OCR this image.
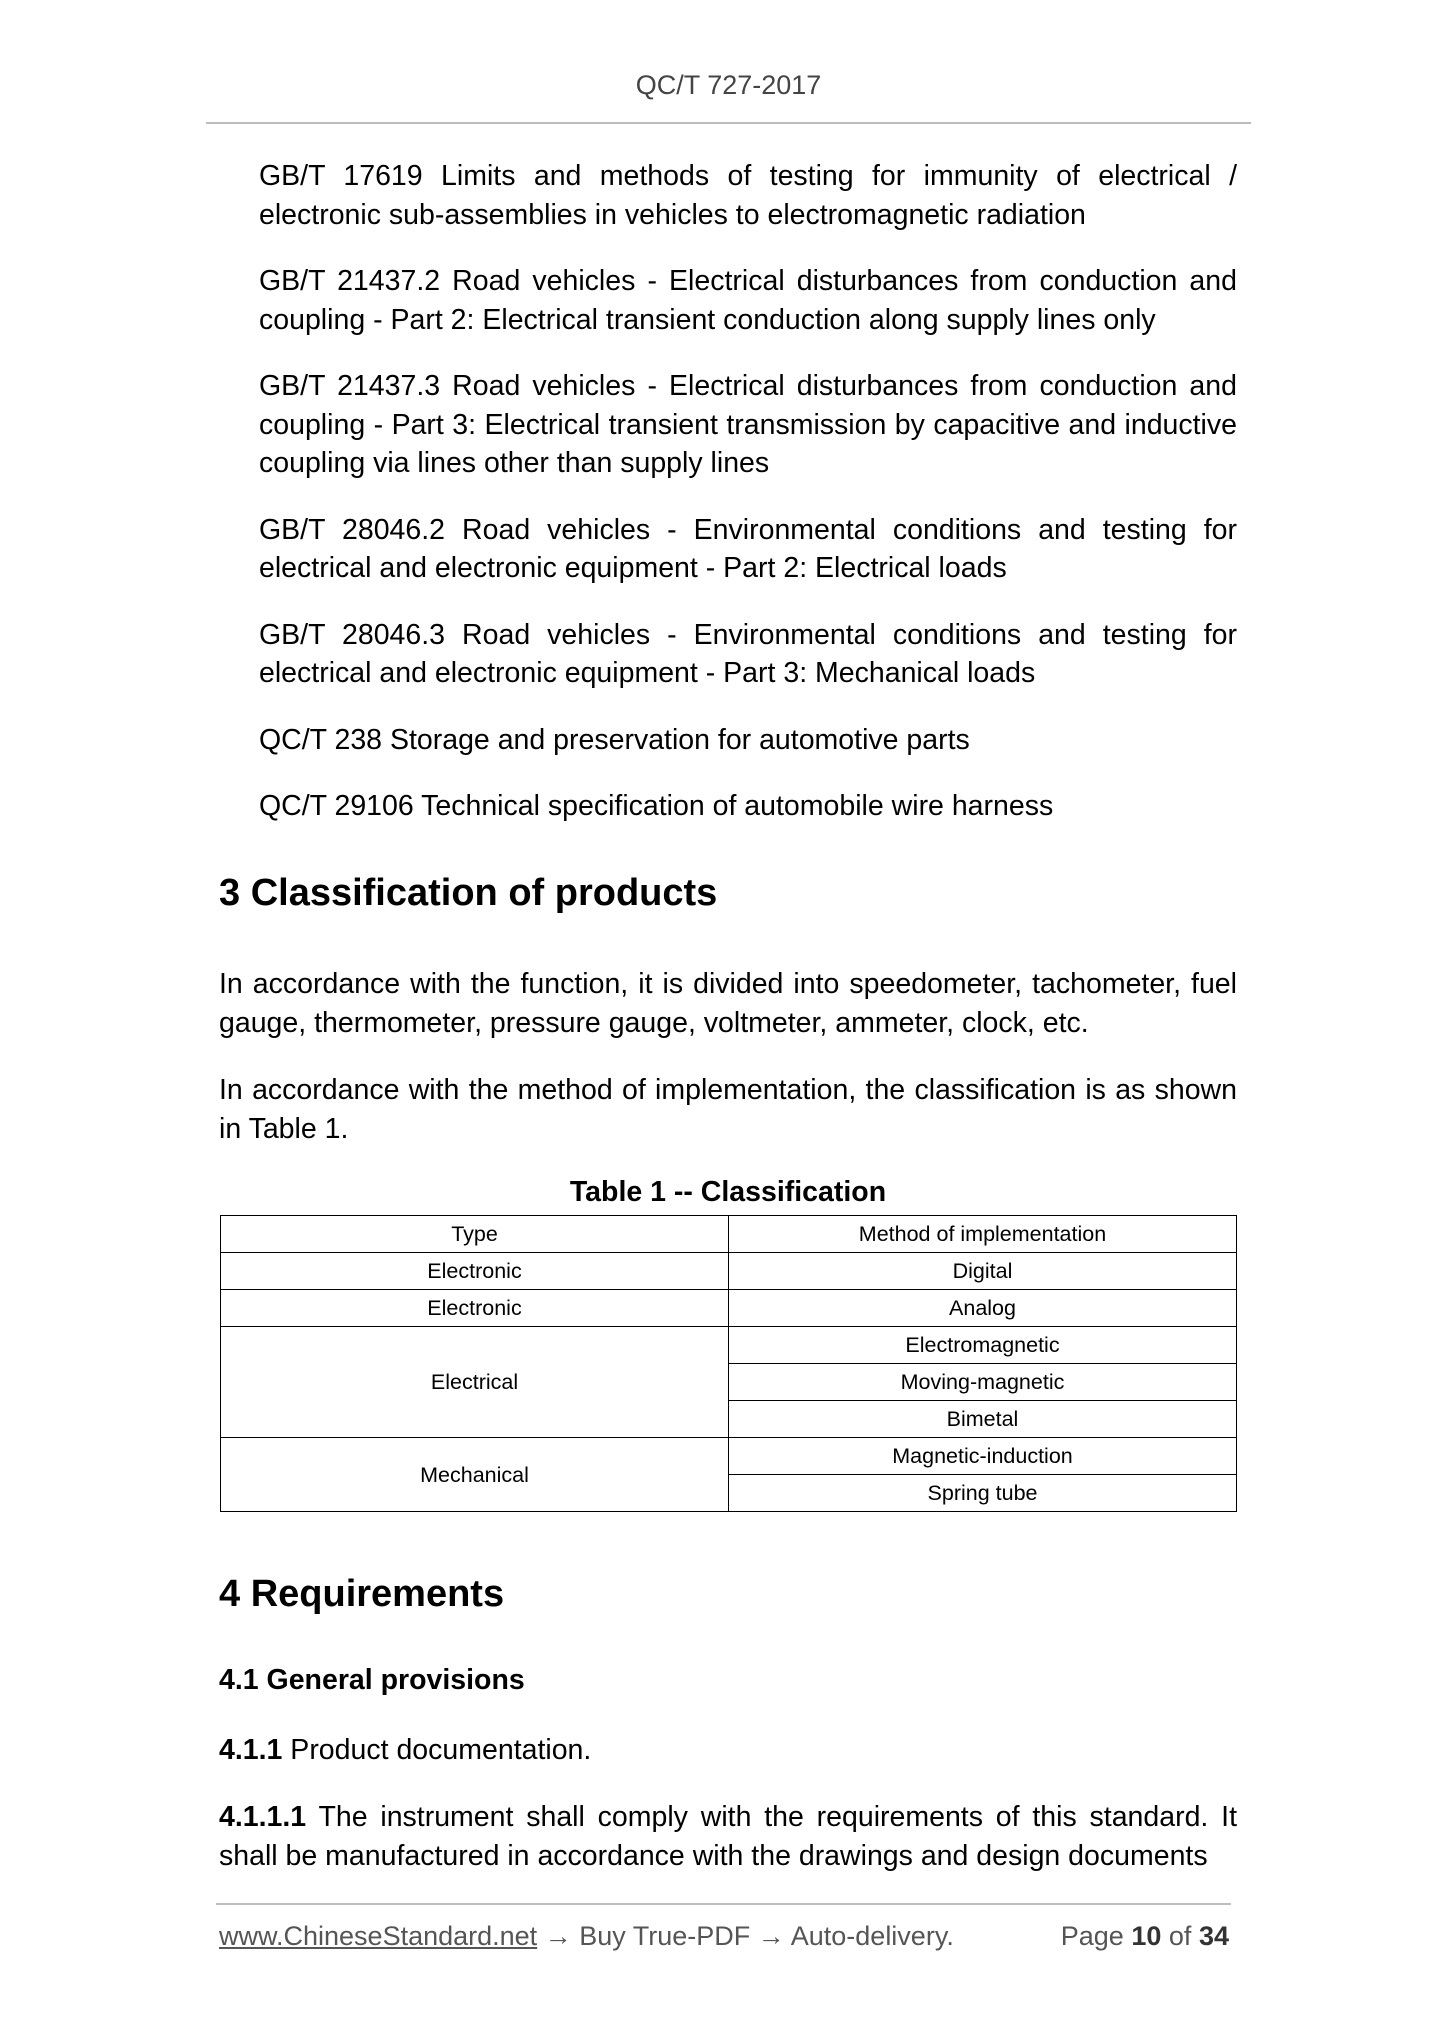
QC/T 727-2017

GB/T 17619 Limits and methods of testing for immunity of electrical / electronic sub-assemblies in vehicles to electromagnetic radiation

GB/T 21437.2 Road vehicles - Electrical disturbances from conduction and coupling - Part 2: Electrical transient conduction along supply lines only

GB/T 21437.3 Road vehicles - Electrical disturbances from conduction and coupling - Part 3: Electrical transient transmission by capacitive and inductive coupling via lines other than supply lines

GB/T 28046.2 Road vehicles - Environmental conditions and testing for electrical and electronic equipment - Part 2: Electrical loads

GB/T 28046.3 Road vehicles - Environmental conditions and testing for electrical and electronic equipment - Part 3: Mechanical loads

QC/T 238 Storage and preservation for automotive parts

QC/T 29106 Technical specification of automobile wire harness

3 Classification of products

In accordance with the function, it is divided into speedometer, tachometer, fuel gauge, thermometer, pressure gauge, voltmeter, ammeter, clock, etc.

In accordance with the method of implementation, the classification is as shown in Table 1.

Table 1 -- Classification
Type	Method of implementation
Electronic	Digital
Electronic	Analog
Electrical	Electromagnetic
	Moving-magnetic
	Bimetal
Mechanical	Magnetic-induction
	Spring tube
4 Requirements
4.1 General provisions

4.1.1 Product documentation.

4.1.1.1 The instrument shall comply with the requirements of this standard. It shall be manufactured in accordance with the drawings and design documents

www.ChineseStandard.net → Buy True-PDF → Auto-delivery.	Page 10 of 34
